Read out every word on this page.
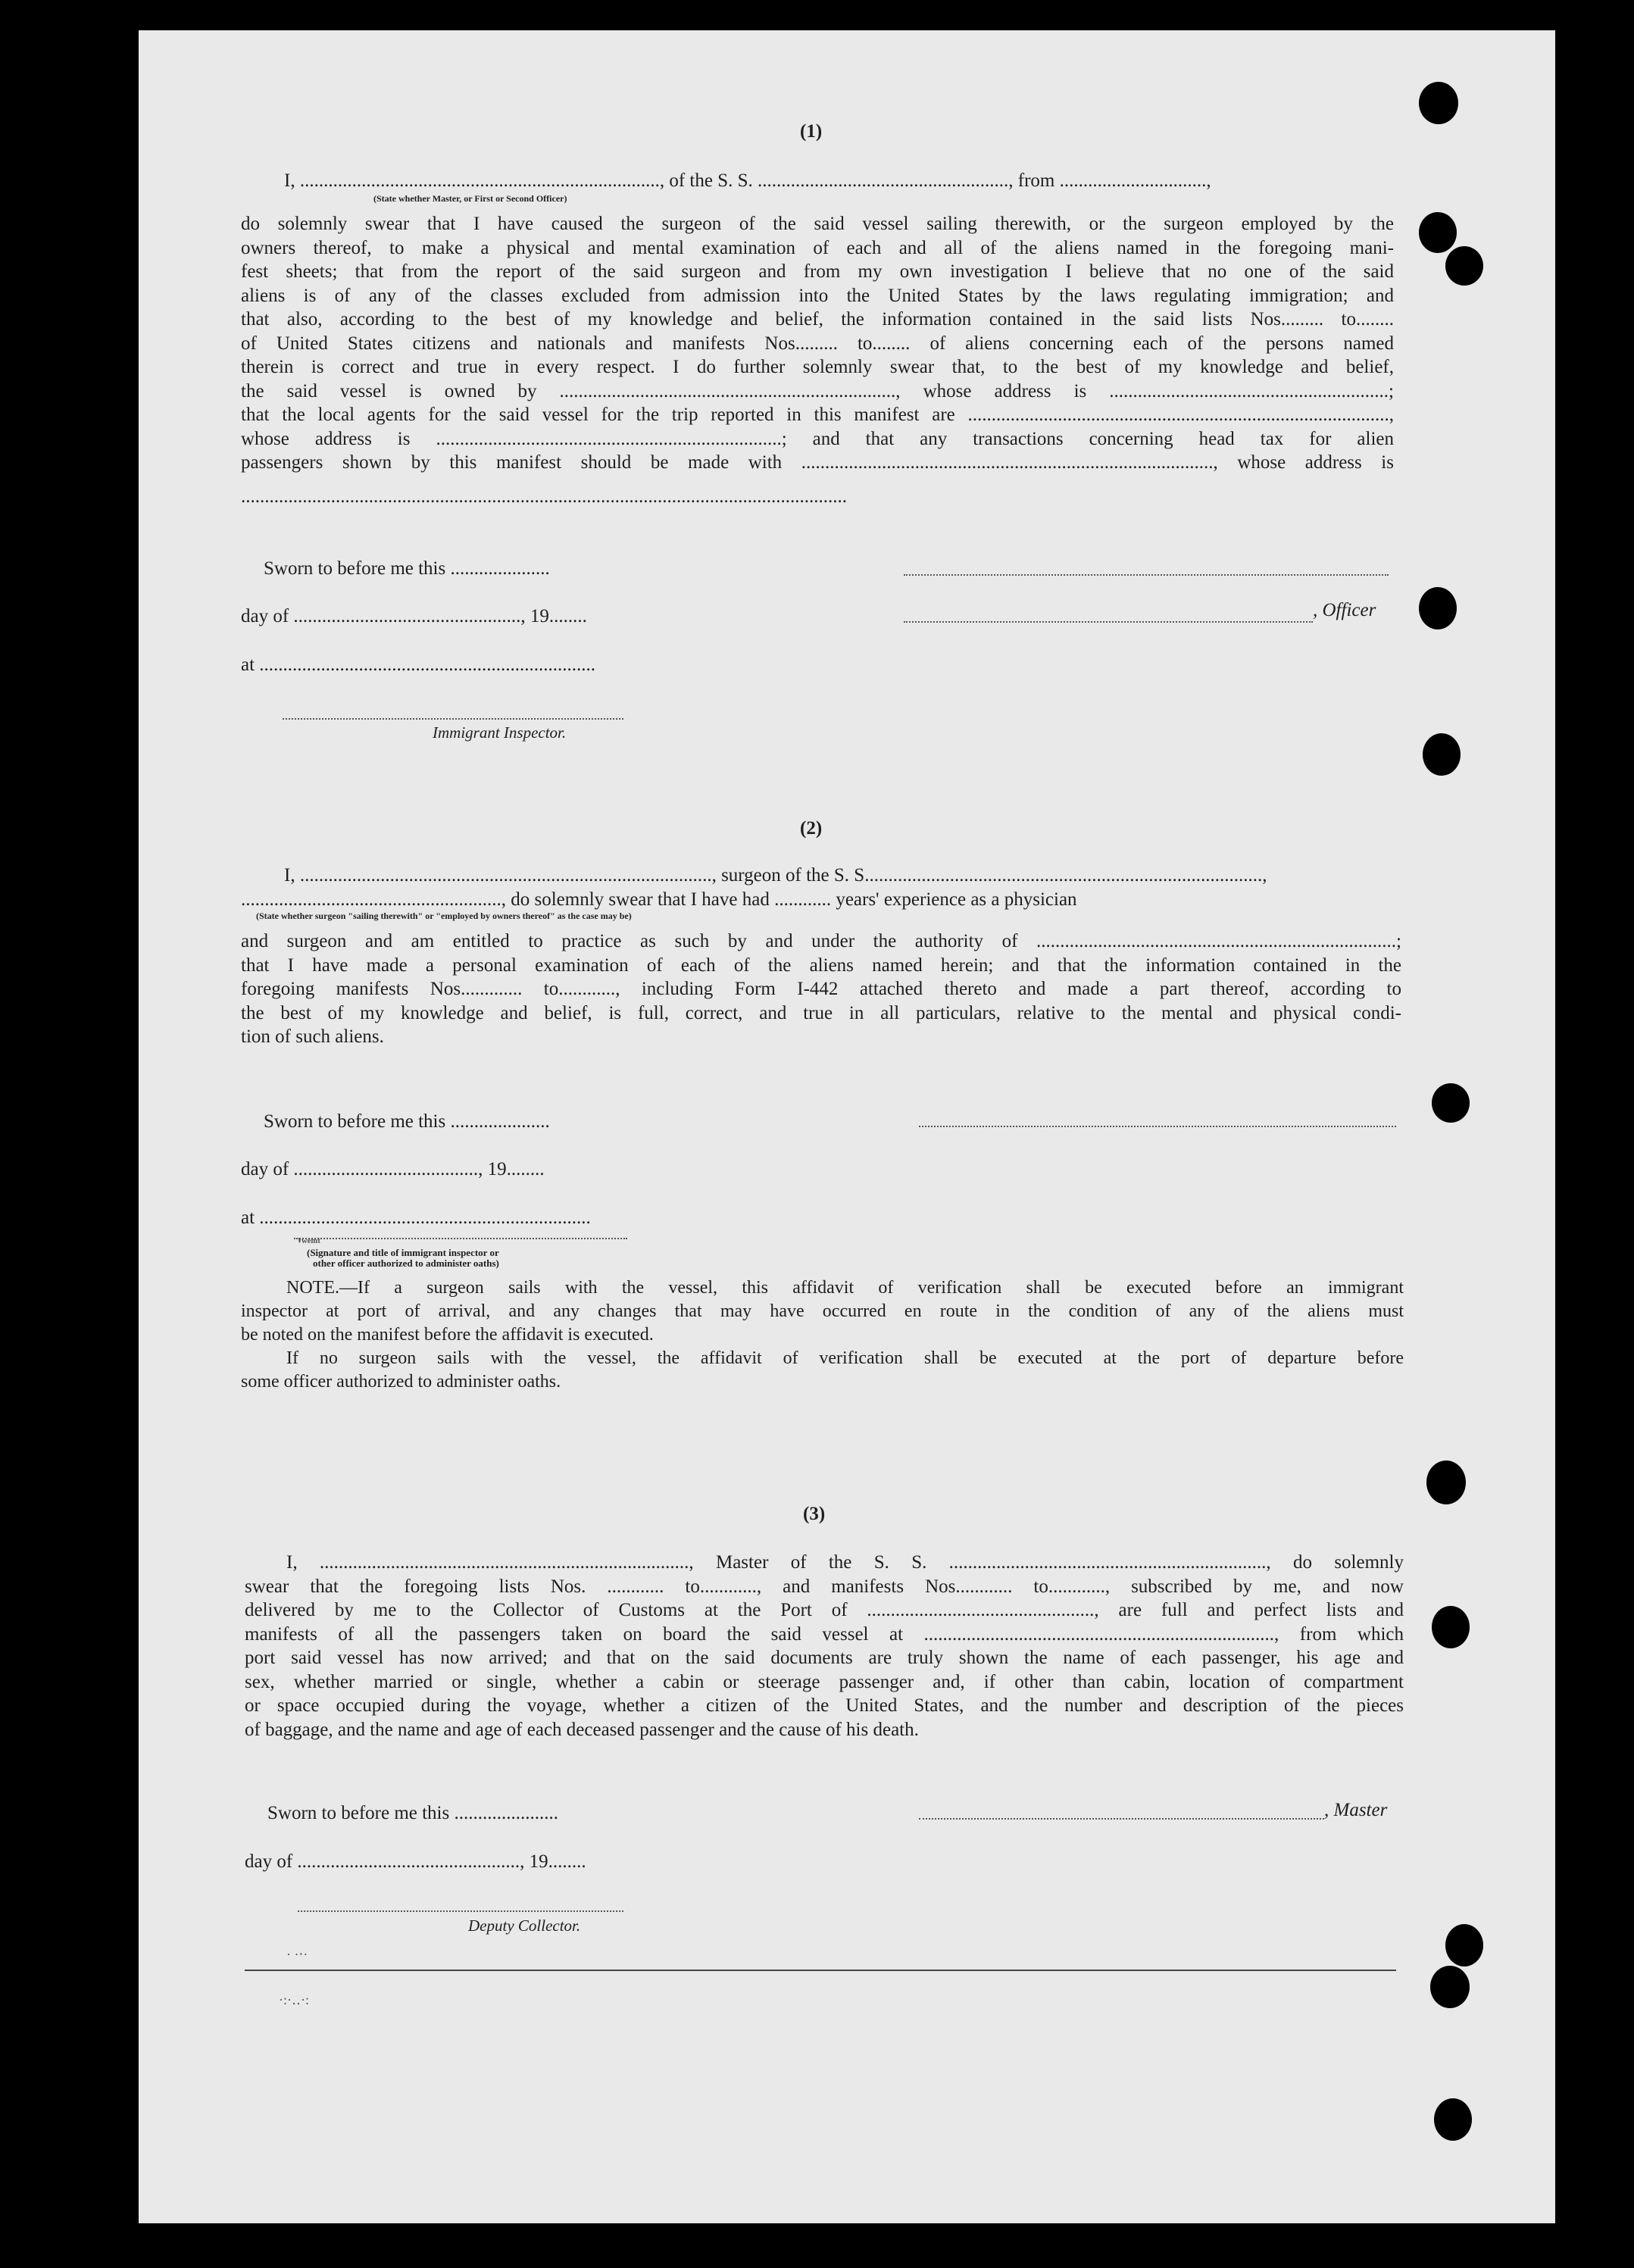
(1)
I, ............................................................................, of the S. S. ....................................................., from ...............................,
(State whether Master, or First or Second Officer)
do solemnly swear that I have caused the surgeon of the said vessel sailing therewith, or the surgeon employed by the
owners thereof, to make a physical and mental examination of each and all of the aliens named in the foregoing mani-
fest sheets; that from the report of the said surgeon and from my own investigation I believe that no one of the said
aliens is of any of the classes excluded from admission into the United States by the laws regulating immigration; and
that also, according to the best of my knowledge and belief, the information contained in the said lists Nos......... to........
of United States citizens and nationals and manifests Nos......... to........ of aliens concerning each of the persons named
therein is correct and true in every respect. I do further solemnly swear that, to the best of my knowledge and belief,
the said vessel is owned by ......................................................................., whose address is ...........................................................;
that the local agents for the said vessel for the trip reported in this manifest are .........................................................................................,
whose address is .........................................................................; and that any transactions concerning head tax for alien
passengers shown by this manifest should be made with ......................................................................................., whose address is
................................................................................................................................
Sworn to before me this .....................
day of ................................................, 19........	, Officer
at .......................................................................
Immigrant Inspector.
(2)
I, ......................................................................................., surgeon of the S. S....................................................................................,
......................................................., do solemnly swear that I have had ............ years' experience as a physician
(State whether surgeon "sailing therewith" or "employed by owners thereof" as the case may be)
and surgeon and am entitled to practice as such by and under the authority of ............................................................................;
that I have made a personal examination of each of the aliens named herein; and that the information contained in the
foregoing manifests Nos............. to............, including Form I-442 attached thereto and made a part thereof, according to
the best of my knowledge and belief, is full, correct, and true in all particulars, relative to the mental and physical condi-
tion of such aliens.
Sworn to before me this .....................
day of ......................................., 19........
at ......................................................................
ꞌʷᵉᵐᵗ
(Signature and title of immigrant inspector or
other officer authorized to administer oaths)
NOTE.—If a surgeon sails with the vessel, this affidavit of verification shall be executed before an immigrant
inspector at port of arrival, and any changes that may have occurred en route in the condition of any of the aliens must
be noted on the manifest before the affidavit is executed.
If no surgeon sails with the vessel, the affidavit of verification shall be executed at the port of departure before
some officer authorized to administer oaths.
(3)
I, .............................................................................., Master of the S. S. ..................................................................., do solemnly
swear that the foregoing lists Nos. ............ to............, and manifests Nos............ to............, subscribed by me, and now
delivered by me to the Collector of Customs at the Port of ................................................, are full and perfect lists and
manifests of all the passengers taken on board the said vessel at .........................................................................., from which
port said vessel has now arrived; and that on the said documents are truly shown the name of each passenger, his age and
sex, whether married or single, whether a cabin or steerage passenger and, if other than cabin, location of compartment
or space occupied during the voyage, whether a citizen of the United States, and the number and description of the pieces
of baggage, and the name and age of each deceased passenger and the cause of his death.
Sworn to before me this ......................	, Master
day of ..............................................., 19........
Deputy Collector.
· ·‧·
·:·‥·:
